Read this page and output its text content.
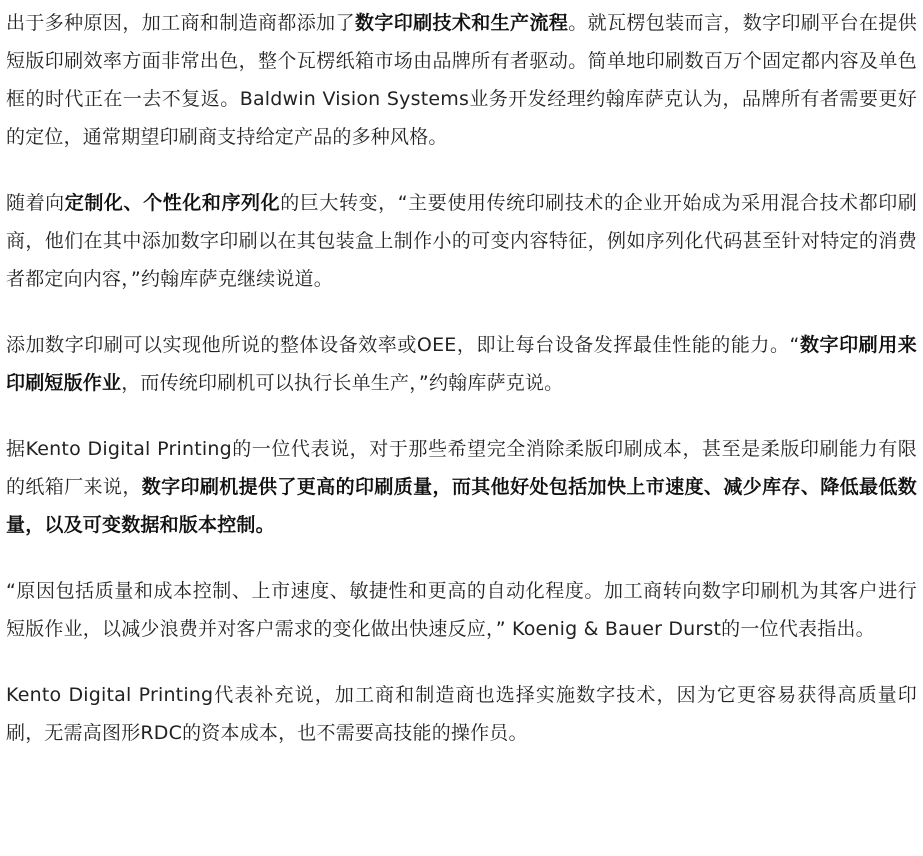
出于多种原因，加工商和制造商都添加了数字印刷技术和生产流程。就瓦楞包装而言，数字印刷平台在提供短版印刷效率方面非常出色，整个瓦楞纸箱市场由品牌所有者驱动。简单地印刷数百万个固定都内容及单色框的时代正在一去不复返。Baldwin Vision Systems业务开发经理约翰库萨克认为，品牌所有者需要更好的定位，通常期望印刷商支持给定产品的多种风格。

随着向定制化、个性化和序列化的巨大转变，“主要使用传统印刷技术的企业开始成为采用混合技术都印刷商，他们在其中添加数字印刷以在其包装盒上制作小的可变内容特征，例如序列化代码甚至针对特定的消费者都定向内容，”约翰库萨克继续说道。

添加数字印刷可以实现他所说的整体设备效率或OEE，即让每台设备发挥最佳性能的能力。“数字印刷用来印刷短版作业，而传统印刷机可以执行长单生产，”约翰库萨克说。

据Kento Digital Printing的一位代表说，对于那些希望完全消除柔版印刷成本，甚至是柔版印刷能力有限的纸箱厂来说，数字印刷机提供了更高的印刷质量，而其他好处包括加快上市速度、减少库存、降低最低数量，以及可变数据和版本控制。

“原因包括质量和成本控制、上市速度、敏捷性和更高的自动化程度。加工商转向数字印刷机为其客户进行短版作业，以减少浪费并对客户需求的变化做出快速反应，” Koenig & Bauer Durst的一位代表指出。

Kento Digital Printing代表补充说，加工商和制造商也选择实施数字技术，因为它更容易获得高质量印刷，无需高图形RDC的资本成本，也不需要高技能的操作员。
